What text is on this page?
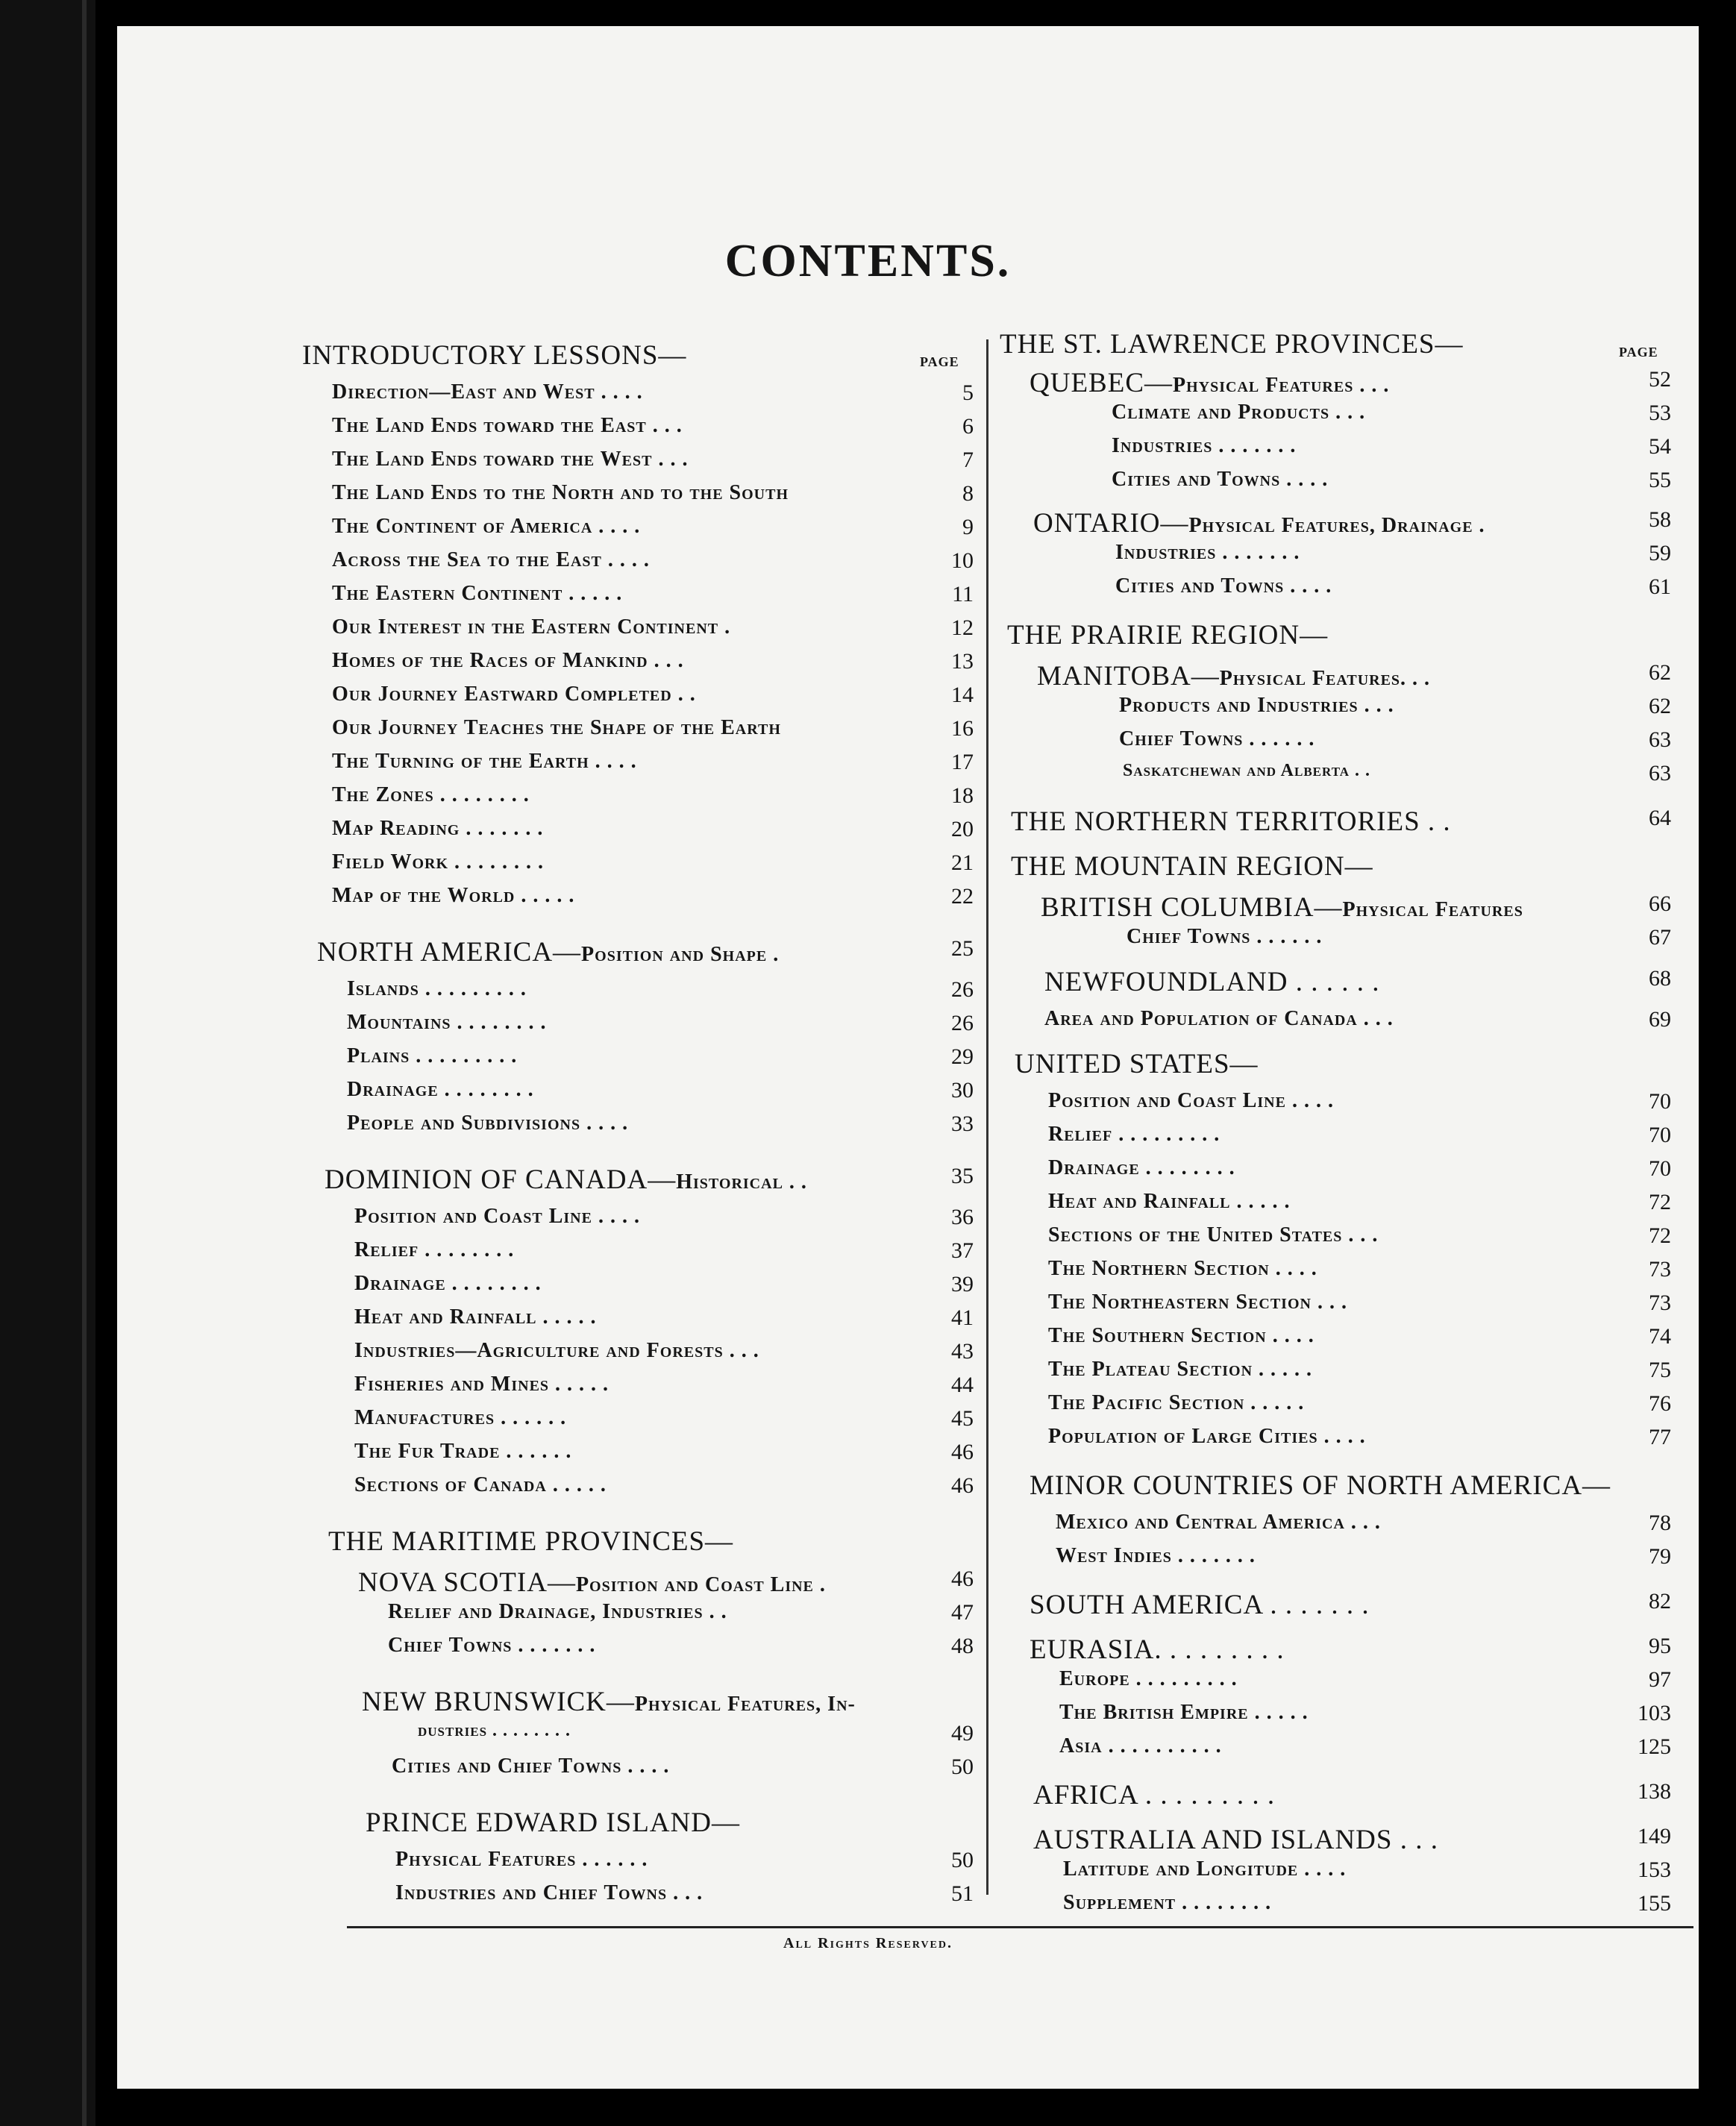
CONTENTS.
PAGE
PAGE
INTRODUCTORY LESSONS—
Direction—East and West . . . .	5
The Land Ends toward the East . . .	6
The Land Ends toward the West . . .	7
The Land Ends to the North and to the South	8
The Continent of America . . . .	9
Across the Sea to the East . . . .	10
The Eastern Continent . . . . .	11
Our Interest in the Eastern Continent .	12
Homes of the Races of Mankind . . .	13
Our Journey Eastward Completed . .	14
Our Journey Teaches the Shape of the Earth	16
The Turning of the Earth . . . .	17
The Zones . . . . . . . .	18
Map Reading . . . . . . .	20
Field Work . . . . . . . .	21
Map of the World . . . . .	22
NORTH AMERICA—Position and Shape .	25
Islands . . . . . . . . .	26
Mountains . . . . . . . .	26
Plains . . . . . . . . .	29
Drainage . . . . . . . .	30
People and Subdivisions . . . .	33
DOMINION OF CANADA—Historical . .	35
Position and Coast Line . . . .	36
Relief . . . . . . . .	37
Drainage . . . . . . . .	39
Heat and Rainfall . . . . .	41
Industries—Agriculture and Forests . . .	43
Fisheries and Mines . . . . .	44
Manufactures . . . . . .	45
The Fur Trade . . . . . .	46
Sections of Canada . . . . .	46
THE MARITIME PROVINCES—
NOVA SCOTIA—Position and Coast Line .	46
Relief and Drainage, Industries . .	47
Chief Towns . . . . . . .	48
NEW BRUNSWICK—Physical Features, In-
dustries . . . . . . . .	49
Cities and Chief Towns . . . .	50
PRINCE EDWARD ISLAND—
Physical Features . . . . . .	50
Industries and Chief Towns . . .	51
THE ST. LAWRENCE PROVINCES—
QUEBEC—Physical Features . . .	52
Climate and Products . . .	53
Industries . . . . . . .	54
Cities and Towns . . . .	55
ONTARIO—Physical Features, Drainage .	58
Industries . . . . . . .	59
Cities and Towns . . . .	61
THE PRAIRIE REGION—
MANITOBA—Physical Features. . .	62
Products and Industries . . .	62
Chief Towns . . . . . .	63
Saskatchewan and Alberta . .	63
THE NORTHERN TERRITORIES . .	64
THE MOUNTAIN REGION—
BRITISH COLUMBIA—Physical Features	66
Chief Towns . . . . . .	67
NEWFOUNDLAND . . . . . .	68
Area and Population of Canada . . .	69
UNITED STATES—
Position and Coast Line . . . .	70
Relief . . . . . . . . .	70
Drainage . . . . . . . .	70
Heat and Rainfall . . . . .	72
Sections of the United States . . .	72
The Northern Section . . . .	73
The Northeastern Section . . .	73
The Southern Section . . . .	74
The Plateau Section . . . . .	75
The Pacific Section . . . . .	76
Population of Large Cities . . . .	77
MINOR COUNTRIES OF NORTH AMERICA—
Mexico and Central America . . .	78
West Indies . . . . . . .	79
SOUTH AMERICA . . . . . . .	82
EURASIA. . . . . . . . .	95
Europe . . . . . . . . .	97
The British Empire . . . . .	103
Asia . . . . . . . . . .	125
AFRICA . . . . . . . . .	138
AUSTRALIA AND ISLANDS . . .	149
Latitude and Longitude . . . .	153
Supplement . . . . . . . .	155
All Rights Reserved.
